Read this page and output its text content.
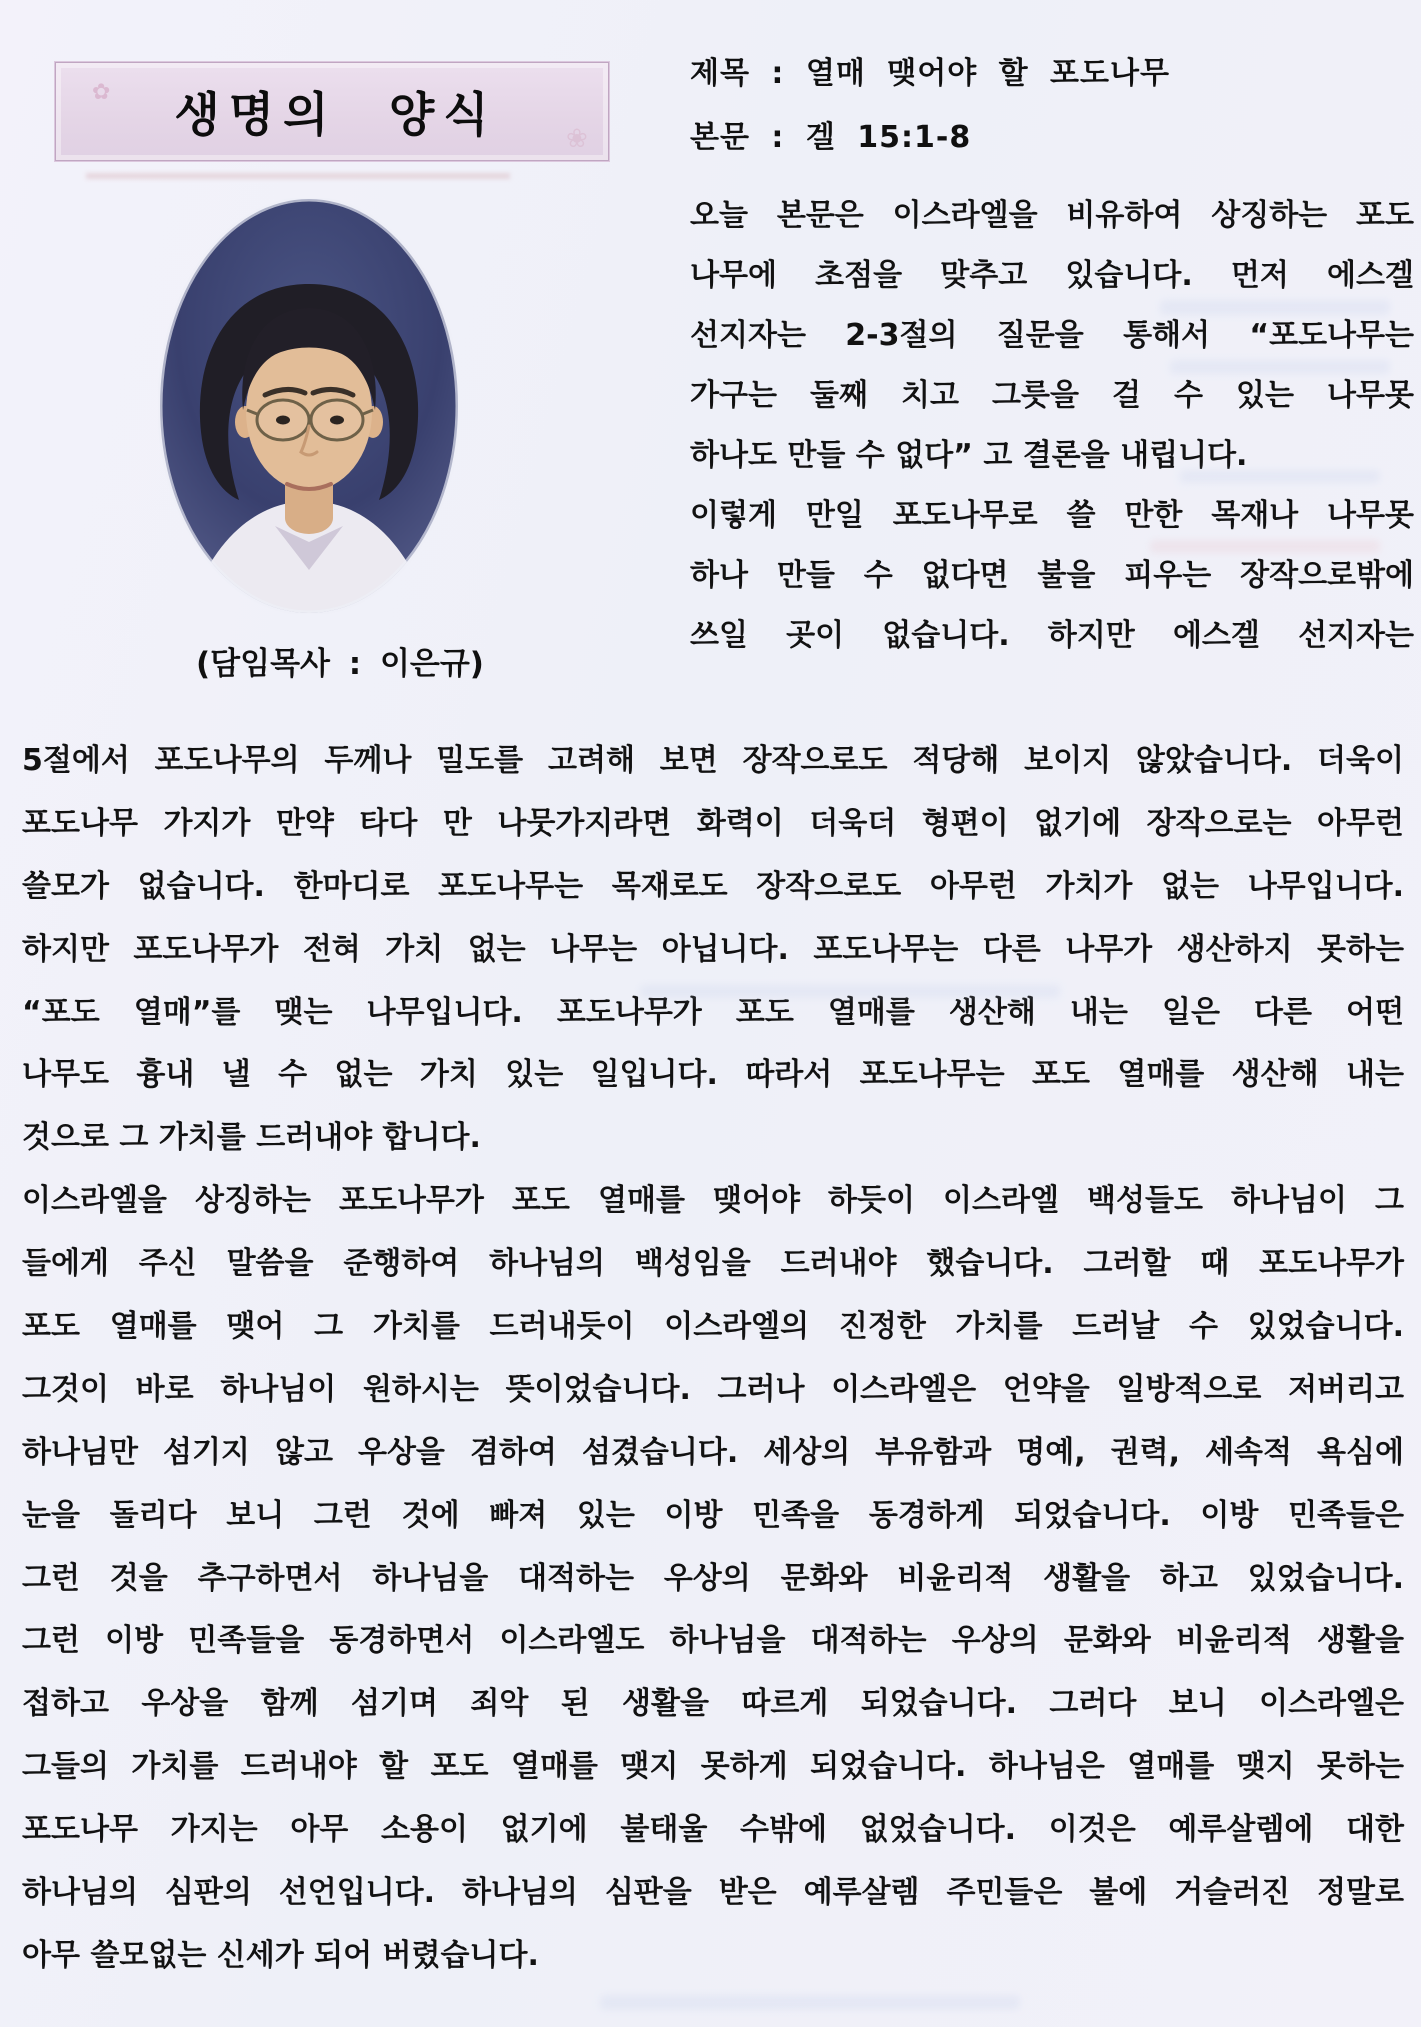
생명의 양식
✿
❀
제목 : 열매 맺어야 할 포도나무
본문 : 겔 15:1-8
(담임목사 : 이은규)
오늘 본문은 이스라엘을 비유하여 상징하는 포도
나무에 초점을 맞추고 있습니다. 먼저 에스겔
선지자는 2-3절의 질문을 통해서 “포도나무는
가구는 둘째 치고 그릇을 걸 수 있는 나무못
하나도 만들 수 없다” 고 결론을 내립니다.
이렇게 만일 포도나무로 쓸 만한 목재나 나무못
하나 만들 수 없다면 불을 피우는 장작으로밖에
쓰일 곳이 없습니다. 하지만 에스겔 선지자는
5절에서 포도나무의 두께나 밀도를 고려해 보면 장작으로도 적당해 보이지 않았습니다. 더욱이
포도나무 가지가 만약 타다 만 나뭇가지라면 화력이 더욱더 형편이 없기에 장작으로는 아무런
쓸모가 없습니다. 한마디로 포도나무는 목재로도 장작으로도 아무런 가치가 없는 나무입니다.
하지만 포도나무가 전혀 가치 없는 나무는 아닙니다. 포도나무는 다른 나무가 생산하지 못하는
“포도 열매”를 맺는 나무입니다. 포도나무가 포도 열매를 생산해 내는 일은 다른 어떤
나무도 흉내 낼 수 없는 가치 있는 일입니다. 따라서 포도나무는 포도 열매를 생산해 내는
것으로 그 가치를 드러내야 합니다.
이스라엘을 상징하는 포도나무가 포도 열매를 맺어야 하듯이 이스라엘 백성들도 하나님이 그
들에게 주신 말씀을 준행하여 하나님의 백성임을 드러내야 했습니다. 그러할 때 포도나무가
포도 열매를 맺어 그 가치를 드러내듯이 이스라엘의 진정한 가치를 드러날 수 있었습니다.
그것이 바로 하나님이 원하시는 뜻이었습니다. 그러나 이스라엘은 언약을 일방적으로 저버리고
하나님만 섬기지 않고 우상을 겸하여 섬겼습니다. 세상의 부유함과 명예, 권력, 세속적 욕심에
눈을 돌리다 보니 그런 것에 빠져 있는 이방 민족을 동경하게 되었습니다. 이방 민족들은
그런 것을 추구하면서 하나님을 대적하는 우상의 문화와 비윤리적 생활을 하고 있었습니다.
그런 이방 민족들을 동경하면서 이스라엘도 하나님을 대적하는 우상의 문화와 비윤리적 생활을
접하고 우상을 함께 섬기며 죄악 된 생활을 따르게 되었습니다. 그러다 보니 이스라엘은
그들의 가치를 드러내야 할 포도 열매를 맺지 못하게 되었습니다. 하나님은 열매를 맺지 못하는
포도나무 가지는 아무 소용이 없기에 불태울 수밖에 없었습니다. 이것은 예루살렘에 대한
하나님의 심판의 선언입니다. 하나님의 심판을 받은 예루살렘 주민들은 불에 거슬러진 정말로
아무 쓸모없는 신세가 되어 버렸습니다.
